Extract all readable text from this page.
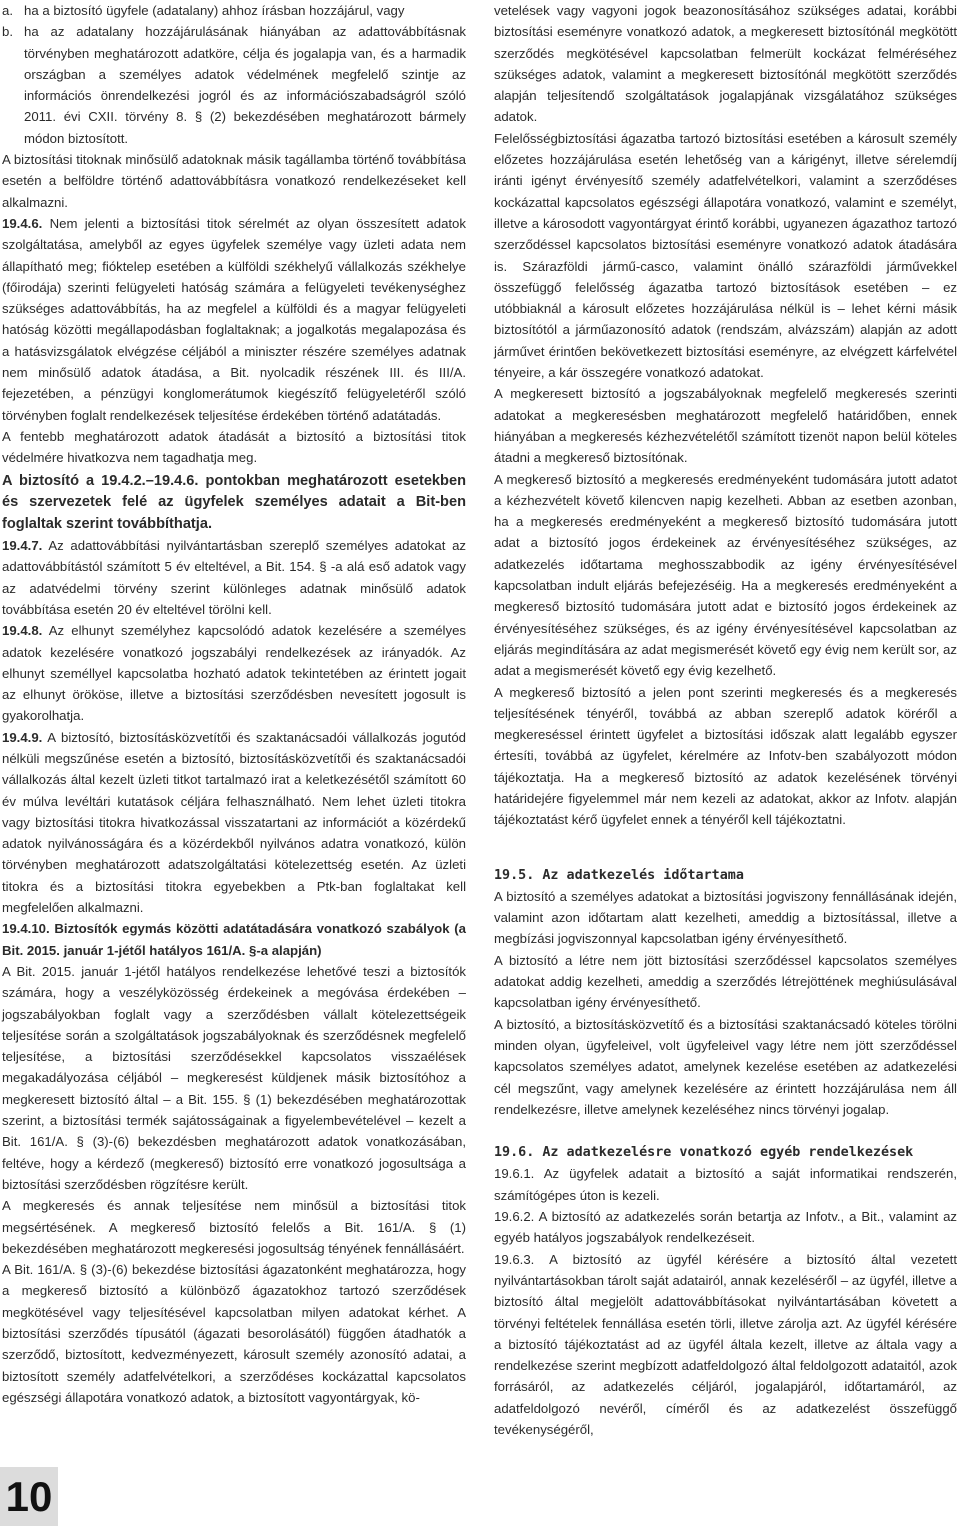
a. ha a biztosító ügyfele (adatalany) ahhoz írásban hozzájárul, vagy
b. ha az adatalany hozzájárulásának hiányában az adattovábbításnak törvényben meghatározott adatköre, célja és jogalapja van, és a harmadik országban a személyes adatok védelmének megfelelő szintje az információs önrendelkezési jogról és az információszabadságról szóló 2011. évi CXII. törvény 8. § (2) bekezdésében meghatározott bármely módon biztosított.

A biztosítási titoknak minősülő adatoknak másik tagállamba történő továbbítása esetén a belföldre történő adattovábbításra vonatkozó rendelkezéseket kell alkalmazni.

19.4.6. Nem jelenti a biztosítási titok sérelmét az olyan összesített adatok szolgáltatása, amelyből az egyes ügyfelek személye vagy üzleti adata nem állapítható meg; fióktelep esetében a külföldi székhelyű vállalkozás székhelye (főirodája) szerinti felügyeleti hatóság számára a felügyeleti tevékenységhez szükséges adattovábbítás, ha az megfelel a külföldi és a magyar felügyeleti hatóság közötti megállapodásban foglaltaknak; a jogalkotás megalapozása és a hatásvizsgálatok elvégzése céljából a miniszter részére személyes adatnak nem minősülő adatok átadása, a Bit. nyolcadik részének III. és III/A. fejezetében, a pénzügyi konglomerátumok kiegészítő felügyeletéről szóló törvényben foglalt rendelkezések teljesítése érdekében történő adatátadás.

A fentebb meghatározott adatok átadását a biztosító a biztosítási titok védelmére hivatkozva nem tagadhatja meg.

A biztosító a 19.4.2.–19.4.6. pontokban meghatározott esetekben és szervezetek felé az ügyfelek személyes adatait a Bit-ben foglaltak szerint továbbíthatja.

19.4.7. Az adattovábbítási nyilvántartásban szereplő személyes adatokat az adattovábbítástól számított 5 év elteltével, a Bit. 154. § -a alá eső adatok vagy az adatvédelmi törvény szerint különleges adatnak minősülő adatok továbbítása esetén 20 év elteltével törölni kell.

19.4.8. Az elhunyt személyhez kapcsolódó adatok kezelésére a személyes adatok kezelésére vonatkozó jogszabályi rendelkezések az irányadók. Az elhunyt személlyel kapcsolatba hozható adatok tekintetében az érintett jogait az elhunyt örököse, illetve a biztosítási szerződésben nevesített jogosult is gyakorolhatja.

19.4.9. A biztosító, biztosításközvetítői és szaktanácsadói vállalkozás jogutód nélküli megszűnése esetén a biztosító, biztosításközvetítői és szaktanácsadói vállalkozás által kezelt üzleti titkot tartalmazó irat a keletkezésétől számított 60 év múlva levéltári kutatások céljára felhasználható. Nem lehet üzleti titokra vagy biztosítási titokra hivatkozással visszatartani az információt a közérdekű adatok nyilvánosságára és a közérdekből nyilvános adatra vonatkozó, külön törvényben meghatározott adatszolgáltatási kötelezettség esetén. Az üzleti titokra és a biztosítási titokra egyebekben a Ptk-ban foglaltakat kell megfelelően alkalmazni.

19.4.10. Biztosítók egymás közötti adatátadására vonatkozó szabályok (a Bit. 2015. január 1-jétől hatályos 161/A. §-a alapján)

A Bit. 2015. január 1-jétől hatályos rendelkezése lehetővé teszi a biztosítók számára, hogy a veszélyközösség érdekeinek a megóvása érdekében – jogszabályokban foglalt vagy a szerződésben vállalt kötelezettségeik teljesítése során a szolgáltatások jogszabályoknak és szerződésnek megfelelő teljesítése, a biztosítási szerződésekkel kapcsolatos visszaélések megakadályozása céljából – megkeresést küldjenek másik biztosítóhoz a megkeresett biztosító által – a Bit. 155. § (1) bekezdésében meghatározottak szerint, a biztosítási termék sajátosságainak a figyelembevételével – kezelt a Bit. 161/A. § (3)-(6) bekezdésben meghatározott adatok vonatkozásában, feltéve, hogy a kérdező (megkereső) biztosító erre vonatkozó jogosultsága a biztosítási szerződésben rögzítésre került.

A megkeresés és annak teljesítése nem minősül a biztosítási titok megsértésének. A megkereső biztosító felelős a Bit. 161/A. § (1) bekezdésében meghatározott megkeresési jogosultság tényének fennállásáért.

A Bit. 161/A. § (3)-(6) bekezdése biztosítási ágazatonként meghatározza, hogy a megkereső biztosító a különböző ágazatokhoz tartozó szerződések megkötésével vagy teljesítésével kapcsolatban milyen adatokat kérhet. A biztosítási szerződés típusától (ágazati besorolásától) függően átadhatók a szerződő, biztosított, kedvezményezett, károsult személy azonosító adatai, a biztosított személy adatfelvételkori, a szerződéses kockázattal kapcsolatos egészségi állapotára vonatkozó adatok, a biztosított vagyontárgyak, kö-

vetelések vagy vagyoni jogok beazonosításához szükséges adatai, korábbi biztosítási eseményre vonatkozó adatok, a megkeresett biztosítónál megkötött szerződés megkötésével kapcsolatban felmerült kockázat felméréséhez szükséges adatok, valamint a megkeresett biztosítónál megkötött szerződés alapján teljesítendő szolgáltatások jogalapjának vizsgálatához szükséges adatok.

Felelősségbiztosítási ágazatba tartozó biztosítási esetében a károsult személy előzetes hozzájárulása esetén lehetőség van a kárigényt, illetve sérelemdíj iránti igényt érvényesítő személy adatfelvételkori, valamint a szerződéses kockázattal kapcsolatos egészségi állapotára vonatkozó, valamint e személyt, illetve a károsodott vagyontárgyat érintő korábbi, ugyanezen ágazathoz tartozó szerződéssel kapcsolatos biztosítási eseményre vonatkozó adatok átadására is. Szárazföldi jármű-casco, valamint önálló szárazföldi járművekkel összefüggő felelősség ágazatba tartozó biztosítások esetében – ez utóbbiaknál a károsult előzetes hozzájárulása nélkül is – lehet kérni másik biztosítótól a járműazonosító adatok (rendszám, alvázszám) alapján az adott járművet érintően bekövetkezett biztosítási eseményre, az elvégzett kárfelvétel tényeire, a kár összegére vonatkozó adatokat.

A megkeresett biztosító a jogszabályoknak megfelelő megkeresés szerinti adatokat a megkeresésben meghatározott megfelelő határidőben, ennek hiányában a megkeresés kézhezvételétől számított tizenöt napon belül köteles átadni a megkereső biztosítónak.

A megkereső biztosító a megkeresés eredményeként tudomására jutott adatot a kézhezvételt követő kilencven napig kezelheti. Abban az esetben azonban, ha a megkeresés eredményeként a megkereső biztosító tudomására jutott adat a biztosító jogos érdekeinek az érvényesítéséhez szükséges, az adatkezelés időtartama meghosszabbodik az igény érvényesítésével kapcsolatban indult eljárás befejezéséig. Ha a megkeresés eredményeként a megkereső biztosító tudomására jutott adat e biztosító jogos érdekeinek az érvényesítéséhez szükséges, és az igény érvényesítésével kapcsolatban az eljárás megindítására az adat megismerését követő egy évig nem került sor, az adat a megismerését követő egy évig kezelhető.

A megkereső biztosító a jelen pont szerinti megkeresés és a megkeresés teljesítésének tényéről, továbbá az abban szereplő adatok köréről a megkereséssel érintett ügyfelet a biztosítási időszak alatt legalább egyszer értesíti, továbbá az ügyfelet, kérelmére az Infotv-ben szabályozott módon tájékoztatja. Ha a megkereső biztosító az adatok kezelésének törvényi határidejére figyelemmel már nem kezeli az adatokat, akkor az Infotv. alapján tájékoztatást kérő ügyfelet ennek a tényéről kell tájékoztatni.

19.5. Az adatkezelés időtartama

A biztosító a személyes adatokat a biztosítási jogviszony fennállásának idején, valamint azon időtartam alatt kezelheti, ameddig a biztosítással, illetve a megbízási jogviszonnyal kapcsolatban igény érvényesíthető.

A biztosító a létre nem jött biztosítási szerződéssel kapcsolatos személyes adatokat addig kezelheti, ameddig a szerződés létrejöttének meghiúsulásával kapcsolatban igény érvényesíthető.

A biztosító, a biztosításközvetítő és a biztosítási szaktanácsadó köteles törölni minden olyan, ügyfeleivel, volt ügyfeleivel vagy létre nem jött szerződéssel kapcsolatos személyes adatot, amelynek kezelése esetében az adatkezelési cél megszűnt, vagy amelynek kezelésére az érintett hozzájárulása nem áll rendelkezésre, illetve amelynek kezeléséhez nincs törvényi jogalap.

19.6. Az adatkezelésre vonatkozó egyéb rendelkezések

19.6.1. Az ügyfelek adatait a biztosító a saját informatikai rendszerén, számítógépes úton is kezeli.

19.6.2. A biztosító az adatkezelés során betartja az Infotv., a Bit., valamint az egyéb hatályos jogszabályok rendelkezéseit.

19.6.3. A biztosító az ügyfél kérésére a biztosító által vezetett nyilvántartásokban tárolt saját adatairól, annak kezeléséről – az ügyfél, illetve a biztosító által megjelölt adattovábbításokat nyilvántartásában követett a törvényi feltételek fennállása esetén törli, illetve zárolja azt. Az ügyfél kérésére a biztosító tájékoztatást ad az ügyfél általa kezelt, illetve az általa vagy a rendelkezése szerint megbízott adatfeldolgozó által feldolgozott adataitól, azok forrásáról, az adatkezelés céljáról, jogalapjáról, időtartamáról, az adatfeldolgozó nevéről, címéről és az adatkezelést összefüggő tevékenységéről,

10
